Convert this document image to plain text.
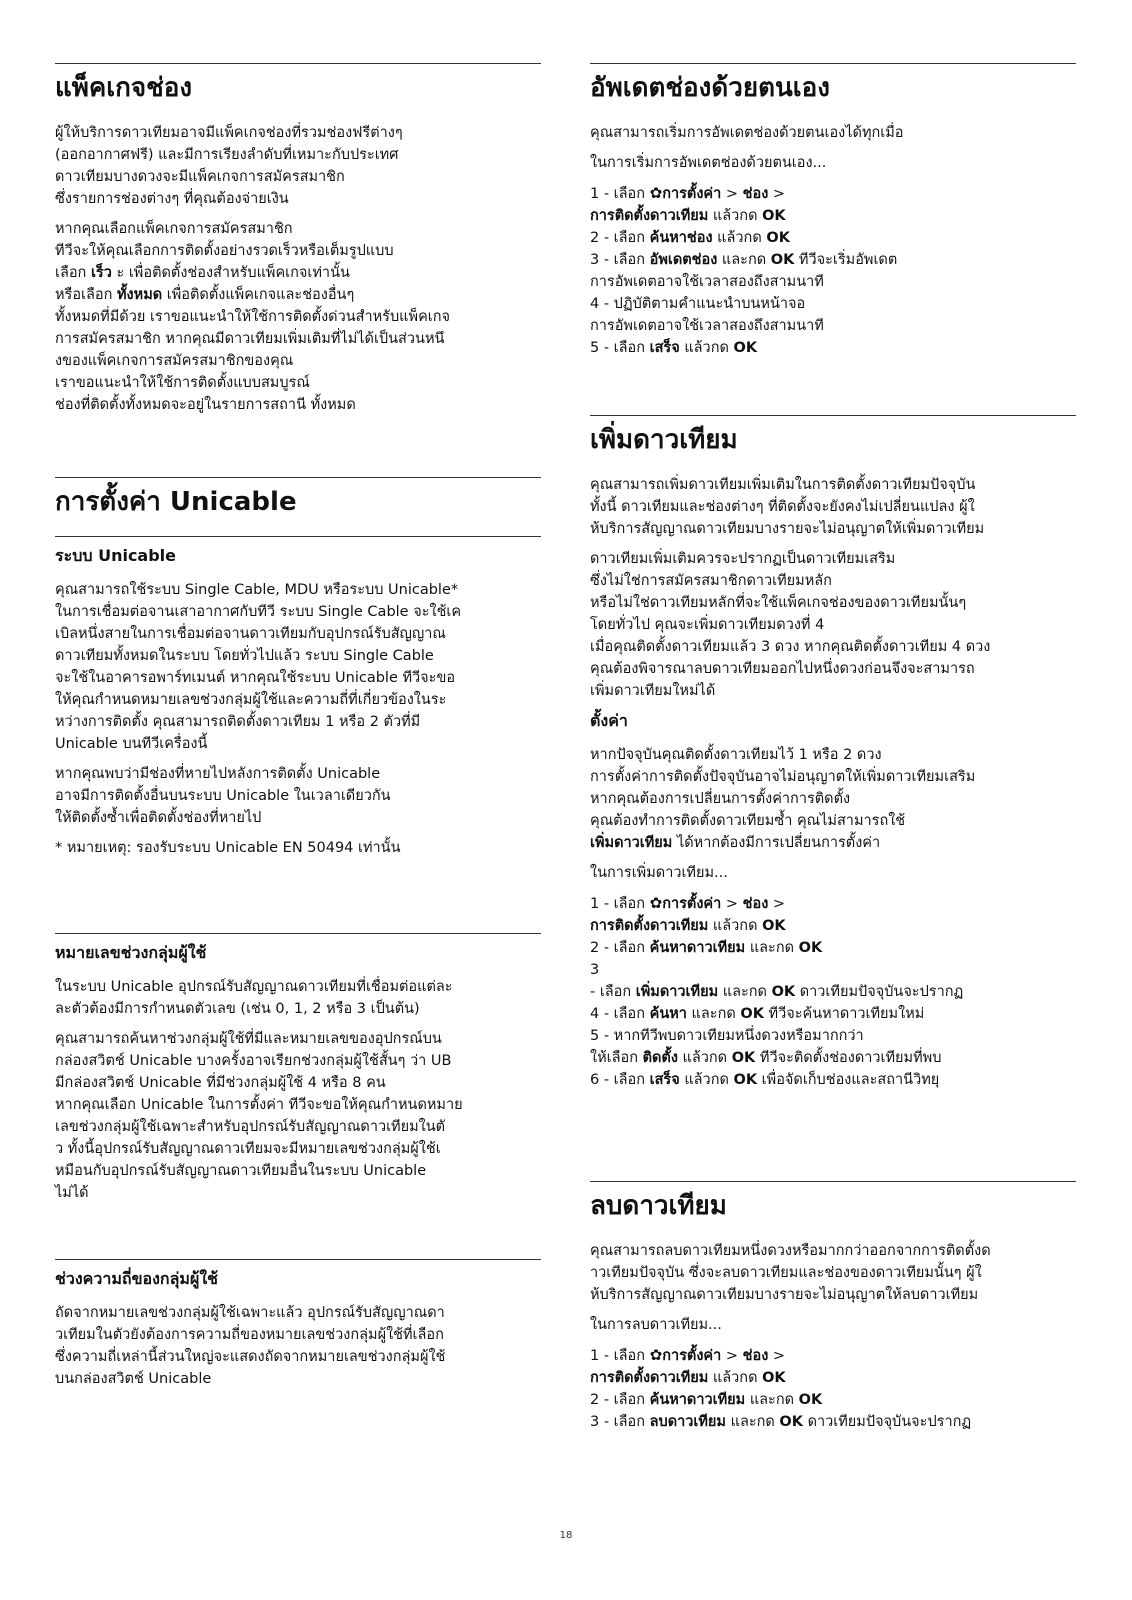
แพ็คเกจช่อง

ผู้ให้บริการดาวเทียมอาจมีแพ็คเกจช่องที่รวมช่องฟรีต่างๆ
(ออกอากาศฟรี) และมีการเรียงลำดับที่เหมาะกับประเทศ
ดาวเทียมบางดวงจะมีแพ็คเกจการสมัครสมาชิก
ซึ่งรายการช่องต่างๆ ที่คุณต้องจ่ายเงิน

หากคุณเลือกแพ็คเกจการสมัครสมาชิก
ทีวีจะให้คุณเลือกการติดตั้งอย่างรวดเร็วหรือเต็มรูปแบบ
เลือก เร็ว ะ เพื่อติดตั้งช่องสำหรับแพ็คเกจเท่านั้น
หรือเลือก ทั้งหมด เพื่อติดตั้งแพ็คเกจและช่องอื่นๆ
ทั้งหมดที่มีด้วย เราขอแนะนำให้ใช้การติดตั้งด่วนสำหรับแพ็คเกจ
การสมัครสมาชิก หากคุณมีดาวเทียมเพิ่มเติมที่ไม่ได้เป็นส่วนหนึ
งของแพ็คเกจการสมัครสมาชิกของคุณ
เราขอแนะนำให้ใช้การติดตั้งแบบสมบูรณ์
ช่องที่ติดตั้งทั้งหมดจะอยู่ในรายการสถานี ทั้งหมด

การตั้งค่า Unicable
ระบบ Unicable

คุณสามารถใช้ระบบ Single Cable, MDU หรือระบบ Unicable*
ในการเชื่อมต่อจานเสาอากาศกับทีวี ระบบ Single Cable จะใช้เค
เบิลหนึ่งสายในการเชื่อมต่อจานดาวเทียมกับอุปกรณ์รับสัญญาณ
ดาวเทียมทั้งหมดในระบบ โดยทั่วไปแล้ว ระบบ Single Cable
จะใช้ในอาคารอพาร์ทเมนต์ หากคุณใช้ระบบ Unicable ทีวีจะขอ
ให้คุณกำหนดหมายเลขช่วงกลุ่มผู้ใช้และความถี่ที่เกี่ยวข้องในระ
หว่างการติดตั้ง คุณสามารถติดตั้งดาวเทียม 1 หรือ 2 ตัวที่มี
Unicable บนทีวีเครื่องนี้

หากคุณพบว่ามีช่องที่หายไปหลังการติดตั้ง Unicable
อาจมีการติดตั้งอื่นบนระบบ Unicable ในเวลาเดียวกัน
ให้ติดตั้งซ้ำเพื่อติดตั้งช่องที่หายไป

* หมายเหตุ: รองรับระบบ Unicable EN 50494 เท่านั้น

หมายเลขช่วงกลุ่มผู้ใช้

ในระบบ Unicable อุปกรณ์รับสัญญาณดาวเทียมที่เชื่อมต่อแต่ละ
ละตัวต้องมีการกำหนดตัวเลข (เช่น 0, 1, 2 หรือ 3 เป็นต้น)

คุณสามารถค้นหาช่วงกลุ่มผู้ใช้ที่มีและหมายเลขของอุปกรณ์บน
กล่องสวิตช์ Unicable บางครั้งอาจเรียกช่วงกลุ่มผู้ใช้สั้นๆ ว่า UB
มีกล่องสวิตช์ Unicable ที่มีช่วงกลุ่มผู้ใช้ 4 หรือ 8 คน
หากคุณเลือก Unicable ในการตั้งค่า ทีวีจะขอให้คุณกำหนดหมาย
เลขช่วงกลุ่มผู้ใช้เฉพาะสำหรับอุปกรณ์รับสัญญาณดาวเทียมในตั
ว ทั้งนี้อุปกรณ์รับสัญญาณดาวเทียมจะมีหมายเลขช่วงกลุ่มผู้ใช้เ
หมือนกับอุปกรณ์รับสัญญาณดาวเทียมอื่นในระบบ Unicable
ไม่ได้

ช่วงความถี่ของกลุ่มผู้ใช้

ถัดจากหมายเลขช่วงกลุ่มผู้ใช้เฉพาะแล้ว อุปกรณ์รับสัญญาณดา
วเทียมในตัวยังต้องการความถี่ของหมายเลขช่วงกลุ่มผู้ใช้ที่เลือก
ซึ่งความถี่เหล่านี้ส่วนใหญ่จะแสดงถัดจากหมายเลขช่วงกลุ่มผู้ใช้
บนกล่องสวิตช์ Unicable

อัพเดตช่องด้วยตนเอง

คุณสามารถเริ่มการอัพเดตช่องด้วยตนเองได้ทุกเมื่อ

ในการเริ่มการอัพเดตช่องด้วยตนเอง...

1 - เลือก ✿การตั้งค่า > ช่อง >
การติดตั้งดาวเทียม แล้วกด OK
2 - เลือก ค้นหาช่อง แล้วกด OK
3 - เลือก อัพเดตช่อง และกด OK ทีวีจะเริ่มอัพเดต
การอัพเดตอาจใช้เวลาสองถึงสามนาที
4 - ปฏิบัติตามคำแนะนำบนหน้าจอ
การอัพเดตอาจใช้เวลาสองถึงสามนาที
5 - เลือก เสร็จ แล้วกด OK

เพิ่มดาวเทียม

คุณสามารถเพิ่มดาวเทียมเพิ่มเติมในการติดตั้งดาวเทียมปัจจุบัน
ทั้งนี้ ดาวเทียมและช่องต่างๆ ที่ติดตั้งจะยังคงไม่เปลี่ยนแปลง ผู้ใ
ห้บริการสัญญาณดาวเทียมบางรายจะไม่อนุญาตให้เพิ่มดาวเทียม

ดาวเทียมเพิ่มเติมควรจะปรากฏเป็นดาวเทียมเสริม
ซึ่งไม่ใช่การสมัครสมาชิกดาวเทียมหลัก
หรือไม่ใช่ดาวเทียมหลักที่จะใช้แพ็คเกจช่องของดาวเทียมนั้นๆ
โดยทั่วไป คุณจะเพิ่มดาวเทียมดวงที่ 4
เมื่อคุณติดตั้งดาวเทียมแล้ว 3 ดวง หากคุณติดตั้งดาวเทียม 4 ดวง
คุณต้องพิจารณาลบดาวเทียมออกไปหนึ่งดวงก่อนจึงจะสามารถ
เพิ่มดาวเทียมใหม่ได้

ตั้งค่า

หากปัจจุบันคุณติดตั้งดาวเทียมไว้ 1 หรือ 2 ดวง
การตั้งค่าการติดตั้งปัจจุบันอาจไม่อนุญาตให้เพิ่มดาวเทียมเสริม
หากคุณต้องการเปลี่ยนการตั้งค่าการติดตั้ง
คุณต้องทำการติดตั้งดาวเทียมซ้ำ คุณไม่สามารถใช้
เพิ่มดาวเทียม ได้หากต้องมีการเปลี่ยนการตั้งค่า

ในการเพิ่มดาวเทียม...

1 - เลือก ✿การตั้งค่า > ช่อง >
การติดตั้งดาวเทียม แล้วกด OK
2 - เลือก ค้นหาดาวเทียม และกด OK
3
- เลือก เพิ่มดาวเทียม และกด OK ดาวเทียมปัจจุบันจะปรากฏ
4 - เลือก ค้นหา และกด OK ทีวีจะค้นหาดาวเทียมใหม่
5 - หากทีวีพบดาวเทียมหนึ่งดวงหรือมากกว่า
ให้เลือก ติดตั้ง แล้วกด OK ทีวีจะติดตั้งช่องดาวเทียมที่พบ
6 - เลือก เสร็จ แล้วกด OK เพื่อจัดเก็บช่องและสถานีวิทยุ

ลบดาวเทียม

คุณสามารถลบดาวเทียมหนึ่งดวงหรือมากกว่าออกจากการติดตั้งด
าวเทียมปัจจุบัน ซึ่งจะลบดาวเทียมและช่องของดาวเทียมนั้นๆ ผู้ใ
ห้บริการสัญญาณดาวเทียมบางรายจะไม่อนุญาตให้ลบดาวเทียม

ในการลบดาวเทียม...

1 - เลือก ✿การตั้งค่า > ช่อง >
การติดตั้งดาวเทียม แล้วกด OK
2 - เลือก ค้นหาดาวเทียม และกด OK
3 - เลือก ลบดาวเทียม และกด OK ดาวเทียมปัจจุบันจะปรากฏ

18
